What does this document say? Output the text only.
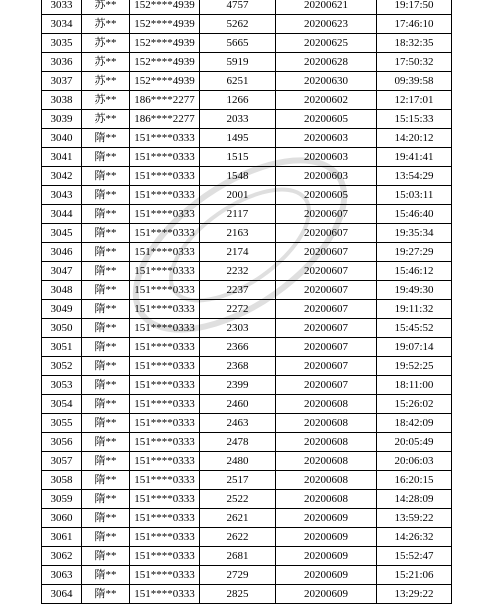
3033	苏**	152****4939	4757	20200621	19:17:50
3034	苏**	152****4939	5262	20200623	17:46:10
3035	苏**	152****4939	5665	20200625	18:32:35
3036	苏**	152****4939	5919	20200628	17:50:32
3037	苏**	152****4939	6251	20200630	09:39:58
3038	苏**	186****2277	1266	20200602	12:17:01
3039	苏**	186****2277	2033	20200605	15:15:33
3040	隋**	151****0333	1495	20200603	14:20:12
3041	隋**	151****0333	1515	20200603	19:41:41
3042	隋**	151****0333	1548	20200603	13:54:29
3043	隋**	151****0333	2001	20200605	15:03:11
3044	隋**	151****0333	2117	20200607	15:46:40
3045	隋**	151****0333	2163	20200607	19:35:34
3046	隋**	151****0333	2174	20200607	19:27:29
3047	隋**	151****0333	2232	20200607	15:46:12
3048	隋**	151****0333	2237	20200607	19:49:30
3049	隋**	151****0333	2272	20200607	19:11:32
3050	隋**	151****0333	2303	20200607	15:45:52
3051	隋**	151****0333	2366	20200607	19:07:14
3052	隋**	151****0333	2368	20200607	19:52:25
3053	隋**	151****0333	2399	20200607	18:11:00
3054	隋**	151****0333	2460	20200608	15:26:02
3055	隋**	151****0333	2463	20200608	18:42:09
3056	隋**	151****0333	2478	20200608	20:05:49
3057	隋**	151****0333	2480	20200608	20:06:03
3058	隋**	151****0333	2517	20200608	16:20:15
3059	隋**	151****0333	2522	20200608	14:28:09
3060	隋**	151****0333	2621	20200609	13:59:22
3061	隋**	151****0333	2622	20200609	14:26:32
3062	隋**	151****0333	2681	20200609	15:52:47
3063	隋**	151****0333	2729	20200609	15:21:06
3064	隋**	151****0333	2825	20200609	13:29:22
